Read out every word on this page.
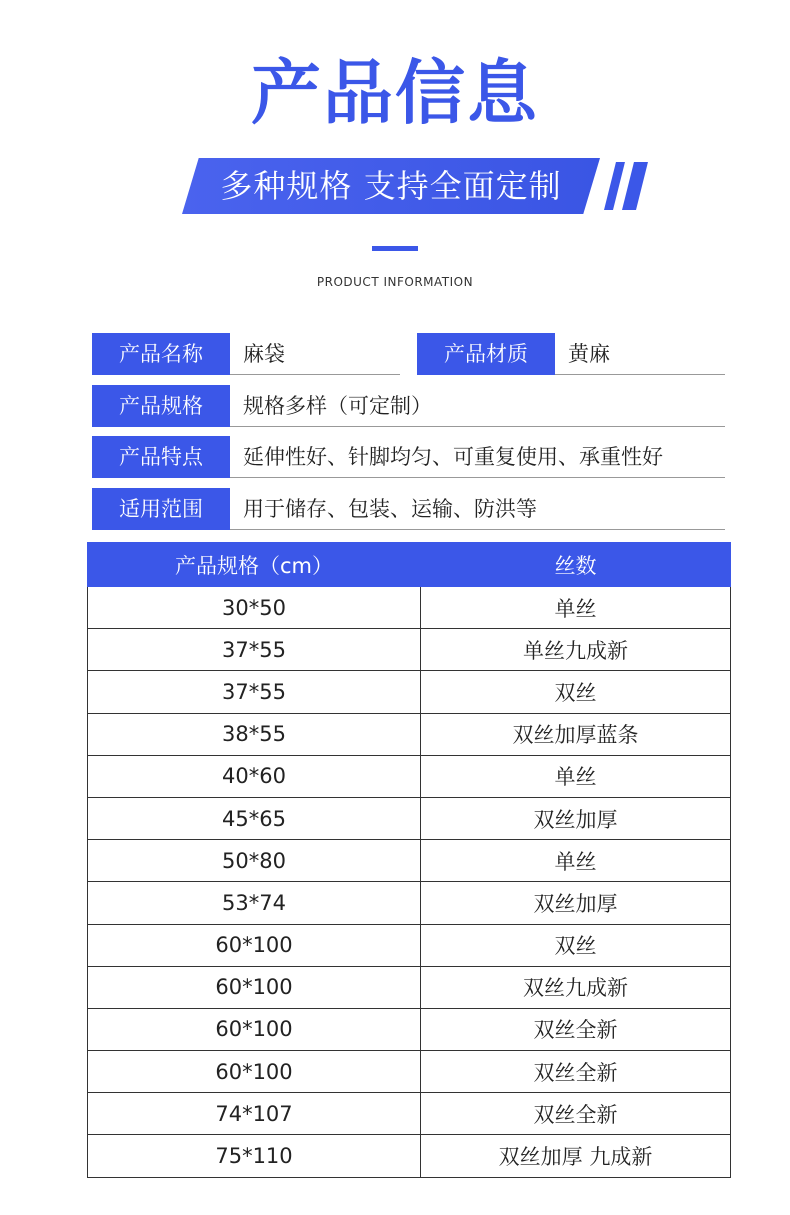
产品信息
多种规格 支持全面定制
PRODUCT INFORMATION
产品名称	麻袋	产品材质	黄麻
产品规格	规格多样（可定制）
产品特点	延伸性好、针脚均匀、可重复使用、承重性好
适用范围	用于储存、包装、运输、防洪等
产品规格（cm）	丝数
30*50	单丝
37*55	单丝九成新
37*55	双丝
38*55	双丝加厚蓝条
40*60	单丝
45*65	双丝加厚
50*80	单丝
53*74	双丝加厚
60*100	双丝
60*100	双丝九成新
60*100	双丝全新
60*100	双丝全新
74*107	双丝全新
75*110	双丝加厚 九成新
